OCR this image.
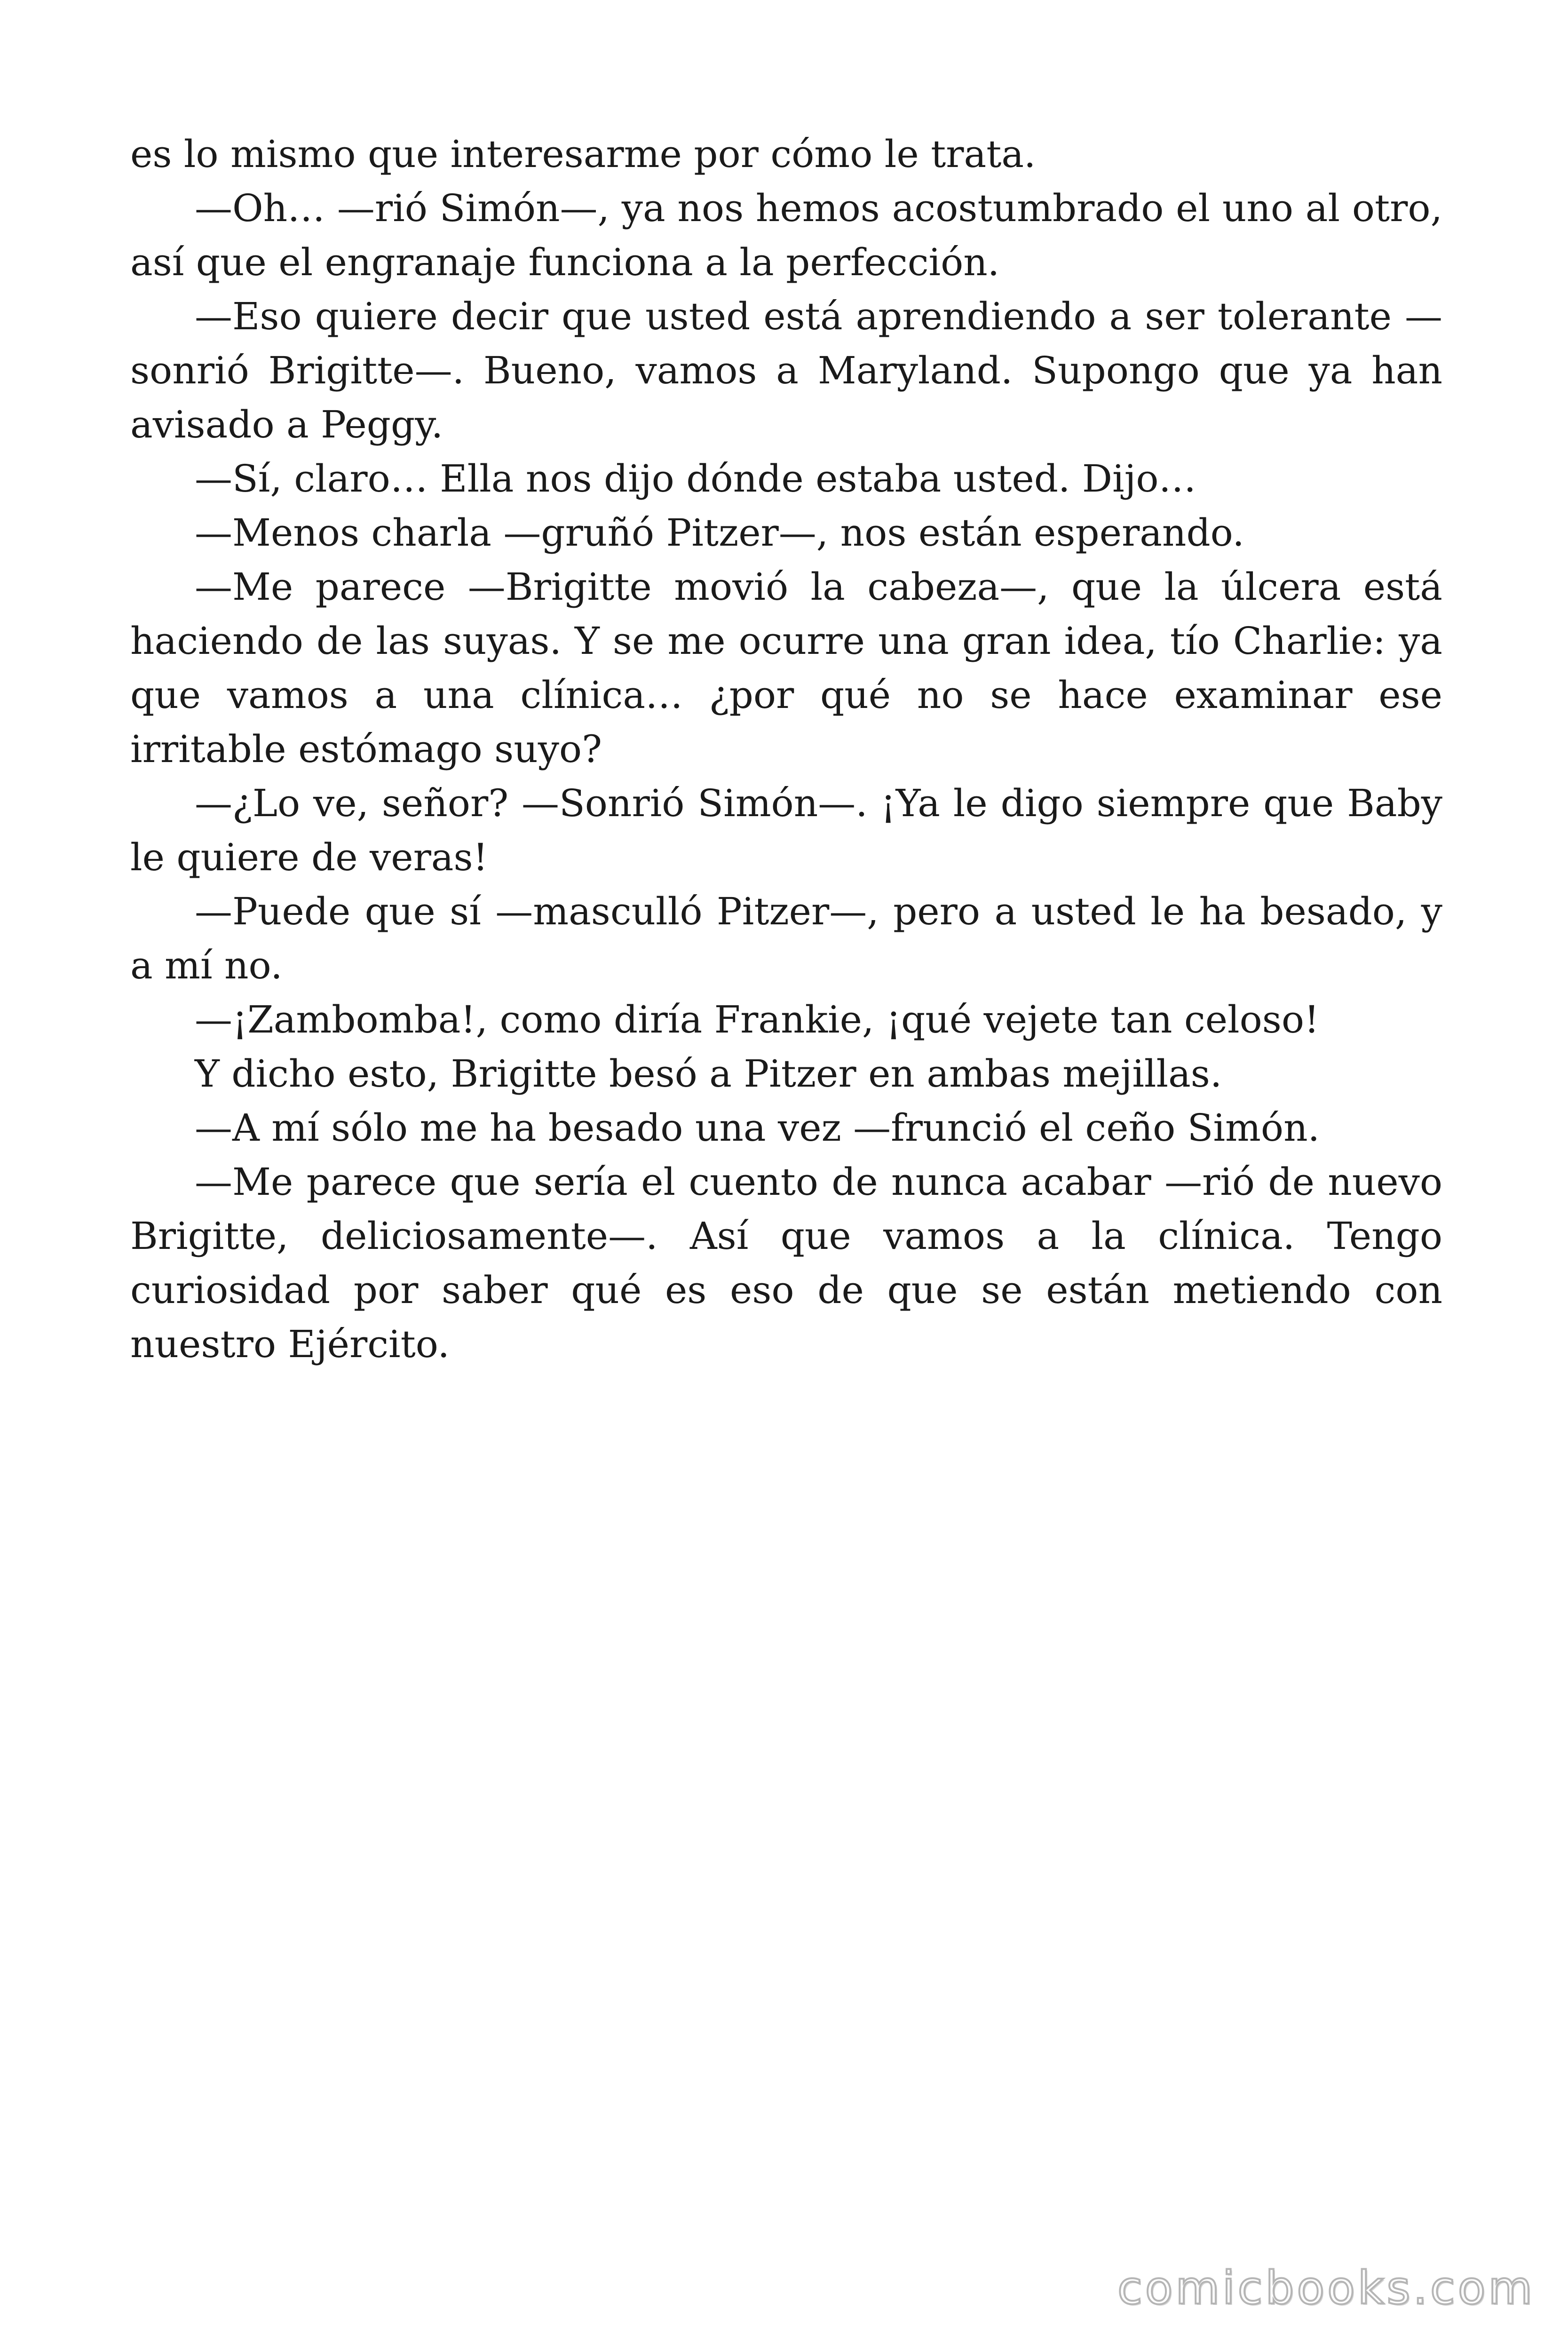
es lo mismo que interesarme por cómo le trata.

—Oh… —rió Simón—, ya nos hemos acostumbrado el uno al otro, así que el engranaje funciona a la perfección.

—Eso quiere decir que usted está aprendiendo a ser tolerante —sonrió Brigitte—. Bueno, vamos a Maryland. Supongo que ya han avisado a Peggy.

—Sí, claro… Ella nos dijo dónde estaba usted. Dijo…

—Menos charla —gruñó Pitzer—, nos están esperando.

—Me parece —Brigitte movió la cabeza—, que la úlcera está haciendo de las suyas. Y se me ocurre una gran idea, tío Charlie: ya que vamos a una clínica… ¿por qué no se hace examinar ese irritable estómago suyo?

—¿Lo ve, señor? —Sonrió Simón—. ¡Ya le digo siempre que Baby le quiere de veras!

—Puede que sí —masculló Pitzer—, pero a usted le ha besado, y a mí no.

—¡Zambomba!, como diría Frankie, ¡qué vejete tan celoso!

Y dicho esto, Brigitte besó a Pitzer en ambas mejillas.

—A mí sólo me ha besado una vez —frunció el ceño Simón.

—Me parece que sería el cuento de nunca acabar —rió de nuevo Brigitte, deliciosamente—. Así que vamos a la clínica. Tengo curiosidad por saber qué es eso de que se están metiendo con nuestro Ejército.

comicbooks.com
